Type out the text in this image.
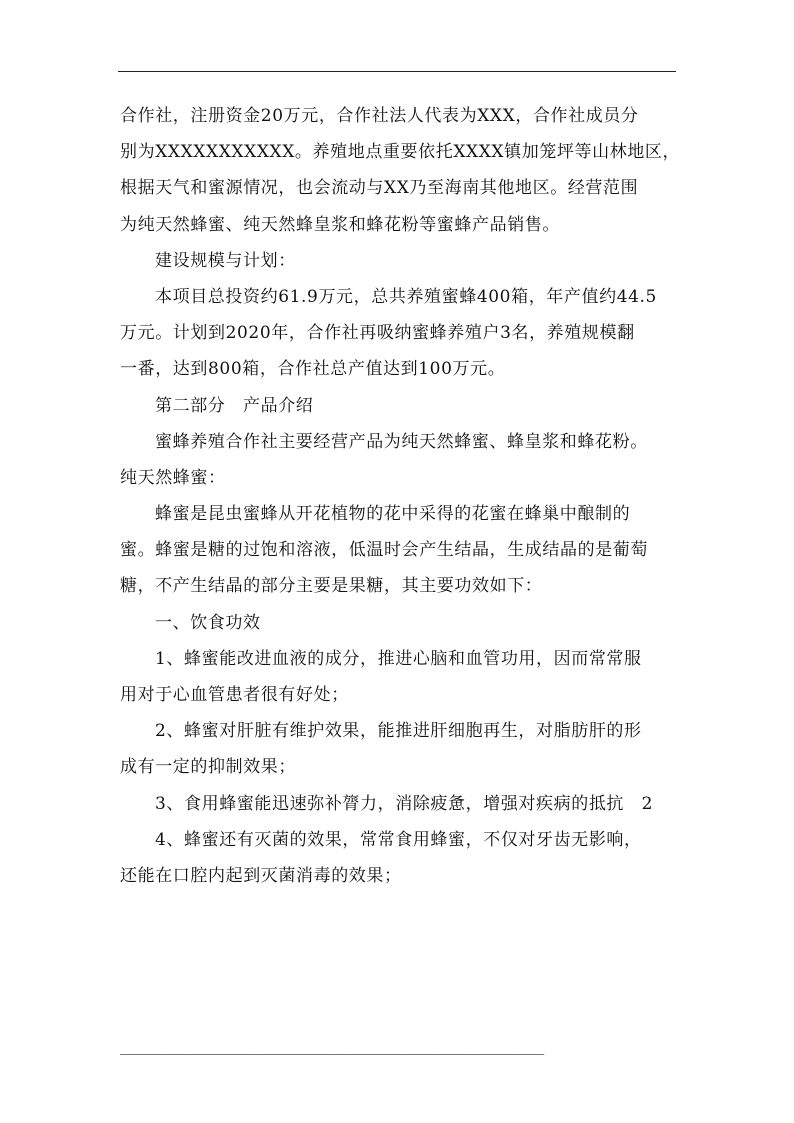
合作社，注册资金20万元，合作社法人代表为XXX，合作社成员分
别为XXXXXXXXXXX。养殖地点重要依托XXXX镇加笼坪等山林地区，
根据天气和蜜源情况，也会流动与XX乃至海南其他地区。经营范围
为纯天然蜂蜜、纯天然蜂皇浆和蜂花粉等蜜蜂产品销售。
建设规模与计划：
本项目总投资约61.9万元，总共养殖蜜蜂400箱，年产值约44.5
万元。计划到2020年，合作社再吸纳蜜蜂养殖户3名，养殖规模翻
一番，达到800箱，合作社总产值达到100万元。
第二部分　产品介绍
蜜蜂养殖合作社主要经营产品为纯天然蜂蜜、蜂皇浆和蜂花粉。
纯天然蜂蜜：
蜂蜜是昆虫蜜蜂从开花植物的花中采得的花蜜在蜂巢中酿制的
蜜。蜂蜜是糖的过饱和溶液，低温时会产生结晶，生成结晶的是葡萄
糖，不产生结晶的部分主要是果糖，其主要功效如下：
一、饮食功效
1、蜂蜜能改进血液的成分，推进心脑和血管功用，因而常常服
用对于心血管患者很有好处；
2、蜂蜜对肝脏有维护效果，能推进肝细胞再生，对脂肪肝的形
成有一定的抑制效果；
3、食用蜂蜜能迅速弥补膂力，消除疲惫，增强对疾病的抵抗　2
4、蜂蜜还有灭菌的效果，常常食用蜂蜜，不仅对牙齿无影响，
还能在口腔内起到灭菌消毒的效果；
_______________________________________________
